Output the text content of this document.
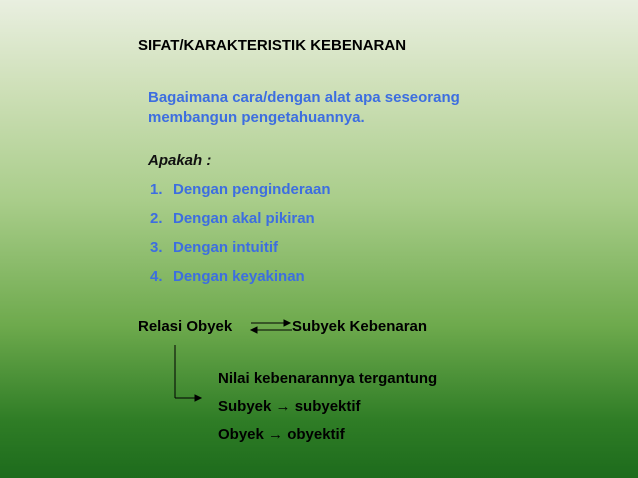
SIFAT/KARAKTERISTIK KEBENARAN
Bagaimana cara/dengan alat apa seseorang membangun pengetahuannya.
Apakah :
1. Dengan penginderaan
2. Dengan akal pikiran
3. Dengan intuitif
4. Dengan keyakinan
Relasi Obyek	Subyek Kebenaran
Nilai kebenarannya tergantung
Subyek → subyektif
Obyek → obyektif
